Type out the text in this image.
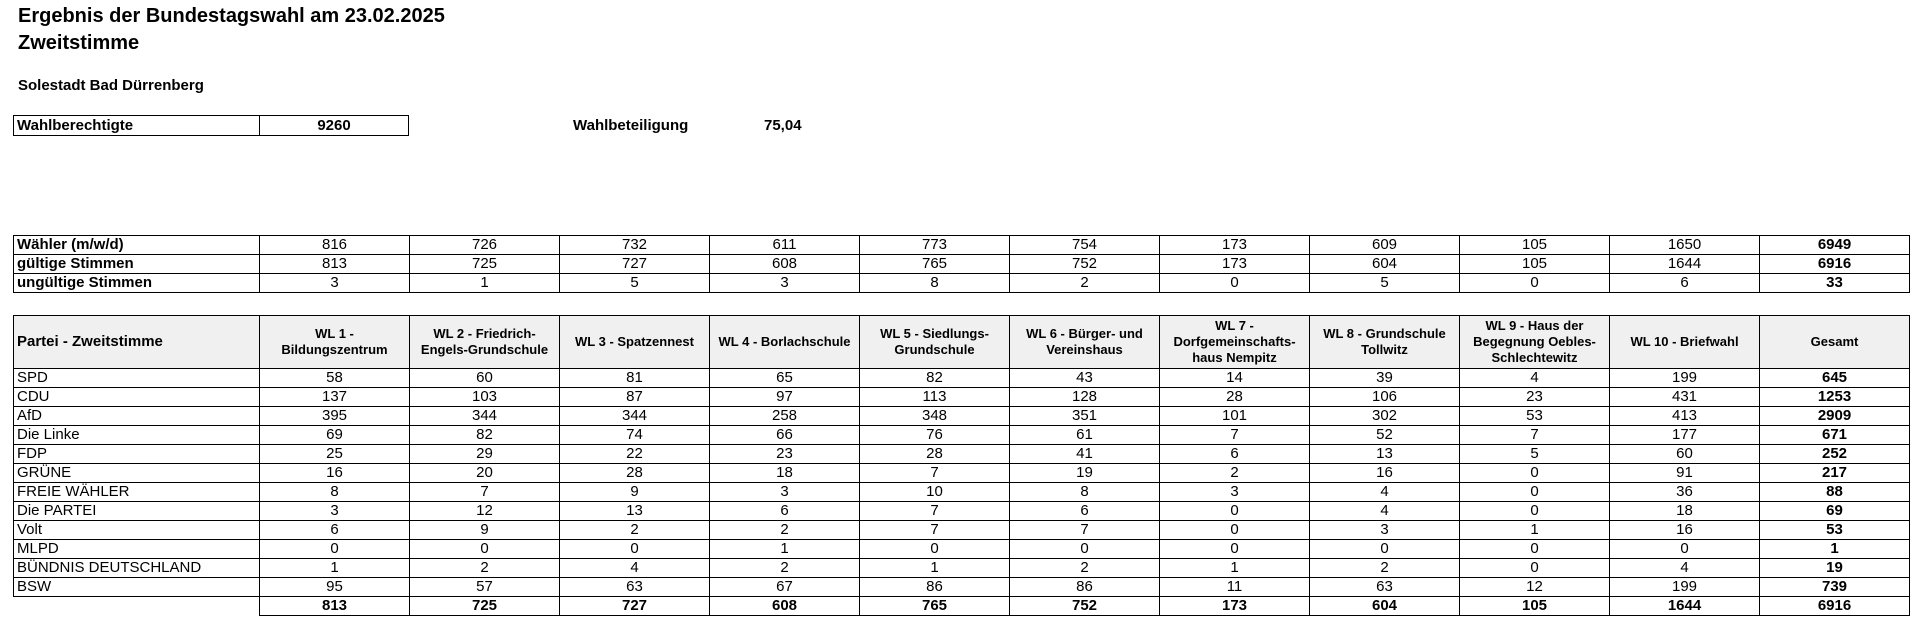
Ergebnis der Bundestagswahl am 23.02.2025
Zweitstimme
Solestadt Bad Dürrenberg
Wahlberechtigte	9260	Wahlbeteiligung	75,04
Wähler (m/w/d)	816	726	732	611	773	754	173	609	105	1650	6949
gültige Stimmen	813	725	727	608	765	752	173	604	105	1644	6916
ungültige Stimmen	3	1	5	3	8	2	0	5	0	6	33
Partei - Zweitstimme	WL 1 - Bildungszentrum	WL 2 - Friedrich-Engels-Grundschule	WL 3 - Spatzennest	WL 4 - Borlachschule	WL 5 - Siedlungs-Grundschule	WL 6 - Bürger- und Vereinshaus	WL 7 - Dorfgemeinschafts-haus Nempitz	WL 8 - Grundschule Tollwitz	WL 9 - Haus der Begegnung Oebles-Schlechtewitz	WL 10 - Briefwahl	Gesamt
SPD	58	60	81	65	82	43	14	39	4	199	645
CDU	137	103	87	97	113	128	28	106	23	431	1253
AfD	395	344	344	258	348	351	101	302	53	413	2909
Die Linke	69	82	74	66	76	61	7	52	7	177	671
FDP	25	29	22	23	28	41	6	13	5	60	252
GRÜNE	16	20	28	18	7	19	2	16	0	91	217
FREIE WÄHLER	8	7	9	3	10	8	3	4	0	36	88
Die PARTEI	3	12	13	6	7	6	0	4	0	18	69
Volt	6	9	2	2	7	7	0	3	1	16	53
MLPD	0	0	0	1	0	0	0	0	0	0	1
BÜNDNIS DEUTSCHLAND	1	2	4	2	1	2	1	2	0	4	19
BSW	95	57	63	67	86	86	11	63	12	199	739
	813	725	727	608	765	752	173	604	105	1644	6916
